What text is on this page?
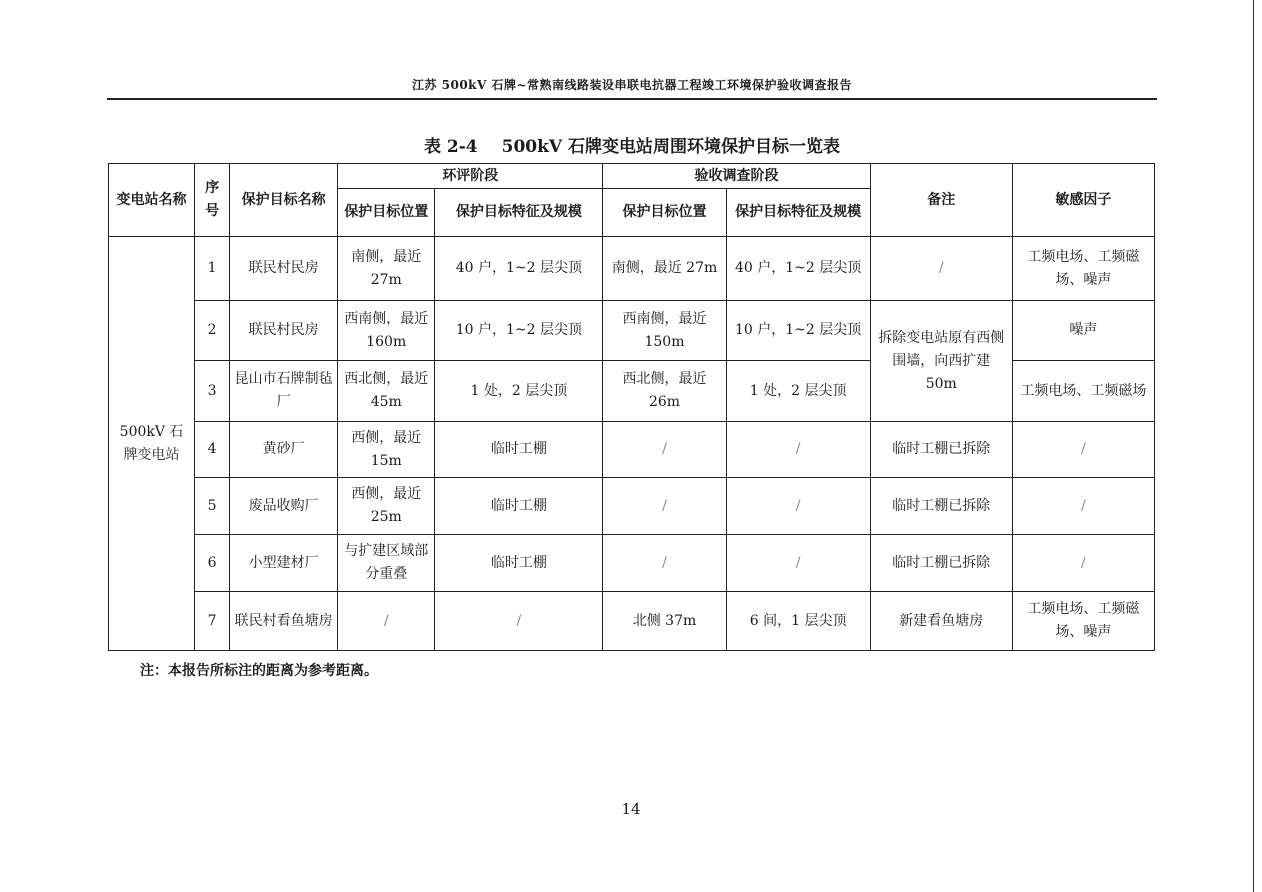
江苏 500kV 石牌~常熟南线路装设串联电抗器工程竣工环境保护验收调查报告
表 2-4 500kV 石牌变电站周围环境保护目标一览表
变电站名称	序号	保护目标名称	环评阶段		验收调查阶段		备注	敏感因子
			保护目标位置	保护目标特征及规模	保护目标位置	保护目标特征及规模		
500kV 石牌变电站	1	联民村民房	南侧，最近 27m	40 户，1~2 层尖顶	南侧，最近 27m	40 户，1~2 层尖顶	/	工频电场、工频磁场、噪声
	2	联民村民房	西南侧，最近 160m	10 户，1~2 层尖顶	西南侧，最近 150m	10 户，1~2 层尖顶	拆除变电站原有西侧围墙，向西扩建 50m	噪声
	3	昆山市石牌制毡厂	西北侧，最近 45m	1 处，2 层尖顶	西北侧，最近 26m	1 处，2 层尖顶		工频电场、工频磁场
	4	黄砂厂	西侧，最近 15m	临时工棚	/	/	临时工棚已拆除	/
	5	废品收购厂	西侧，最近 25m	临时工棚	/	/	临时工棚已拆除	/
	6	小型建材厂	与扩建区域部分重叠	临时工棚	/	/	临时工棚已拆除	/
	7	联民村看鱼塘房	/	/	北侧 37m	6 间，1 层尖顶	新建看鱼塘房	工频电场、工频磁场、噪声
注：本报告所标注的距离为参考距离。
14
